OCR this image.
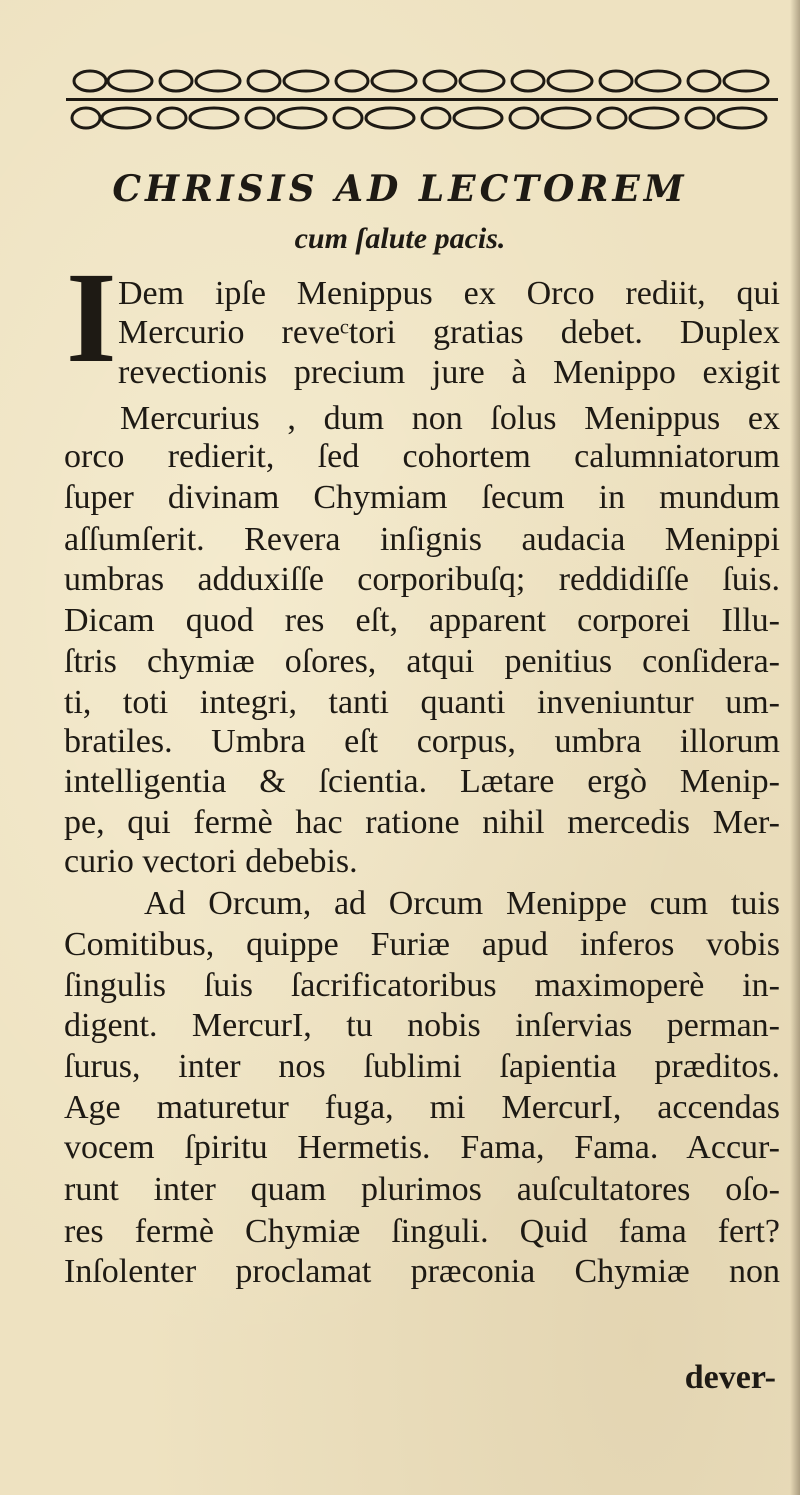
CHRISIS AD LECTOREM
cum ſalute pacis.
I Dem ipſe Menippus ex Orco rediit, qui
Mercurio reveᶜtori gratias debet. Duplex
revectionis precium jure à Menippo exigit
Mercurius , dum non ſolus Menippus ex
orco redierit, ſed cohortem calumniatorum
ſuper divinam Chymiam ſecum in mundum
aſſumſerit. Revera inſignis audacia Menippi
umbras adduxiſſe corporibuſq; reddidiſſe ſuis.
Dicam quod res eſt, apparent corporei Illu-
ſtris chymiæ oſores, atqui penitius conſidera-
ti, toti integri, tanti quanti inveniuntur um-
bratiles. Umbra eſt corpus, umbra illorum
intelligentia & ſcientia. Lætare ergò Menip-
pe, qui fermè hac ratione nihil mercedis Mer-
curio vectori debebis.
Ad Orcum, ad Orcum Menippe cum tuis
Comitibus, quippe Furiæ apud inferos vobis
ſingulis ſuis ſacrificatoribus maximoperè in-
digent. MercurI, tu nobis inſervias perman-
ſurus, inter nos ſublimi ſapientia præditos.
Age maturetur fuga, mi MercurI, accendas
vocem ſpiritu Hermetis. Fama, Fama. Accur-
runt inter quam plurimos auſcultatores oſo-
res fermè Chymiæ ſinguli. Quid fama fert?
Inſolenter proclamat præconia Chymiæ non
dever-
